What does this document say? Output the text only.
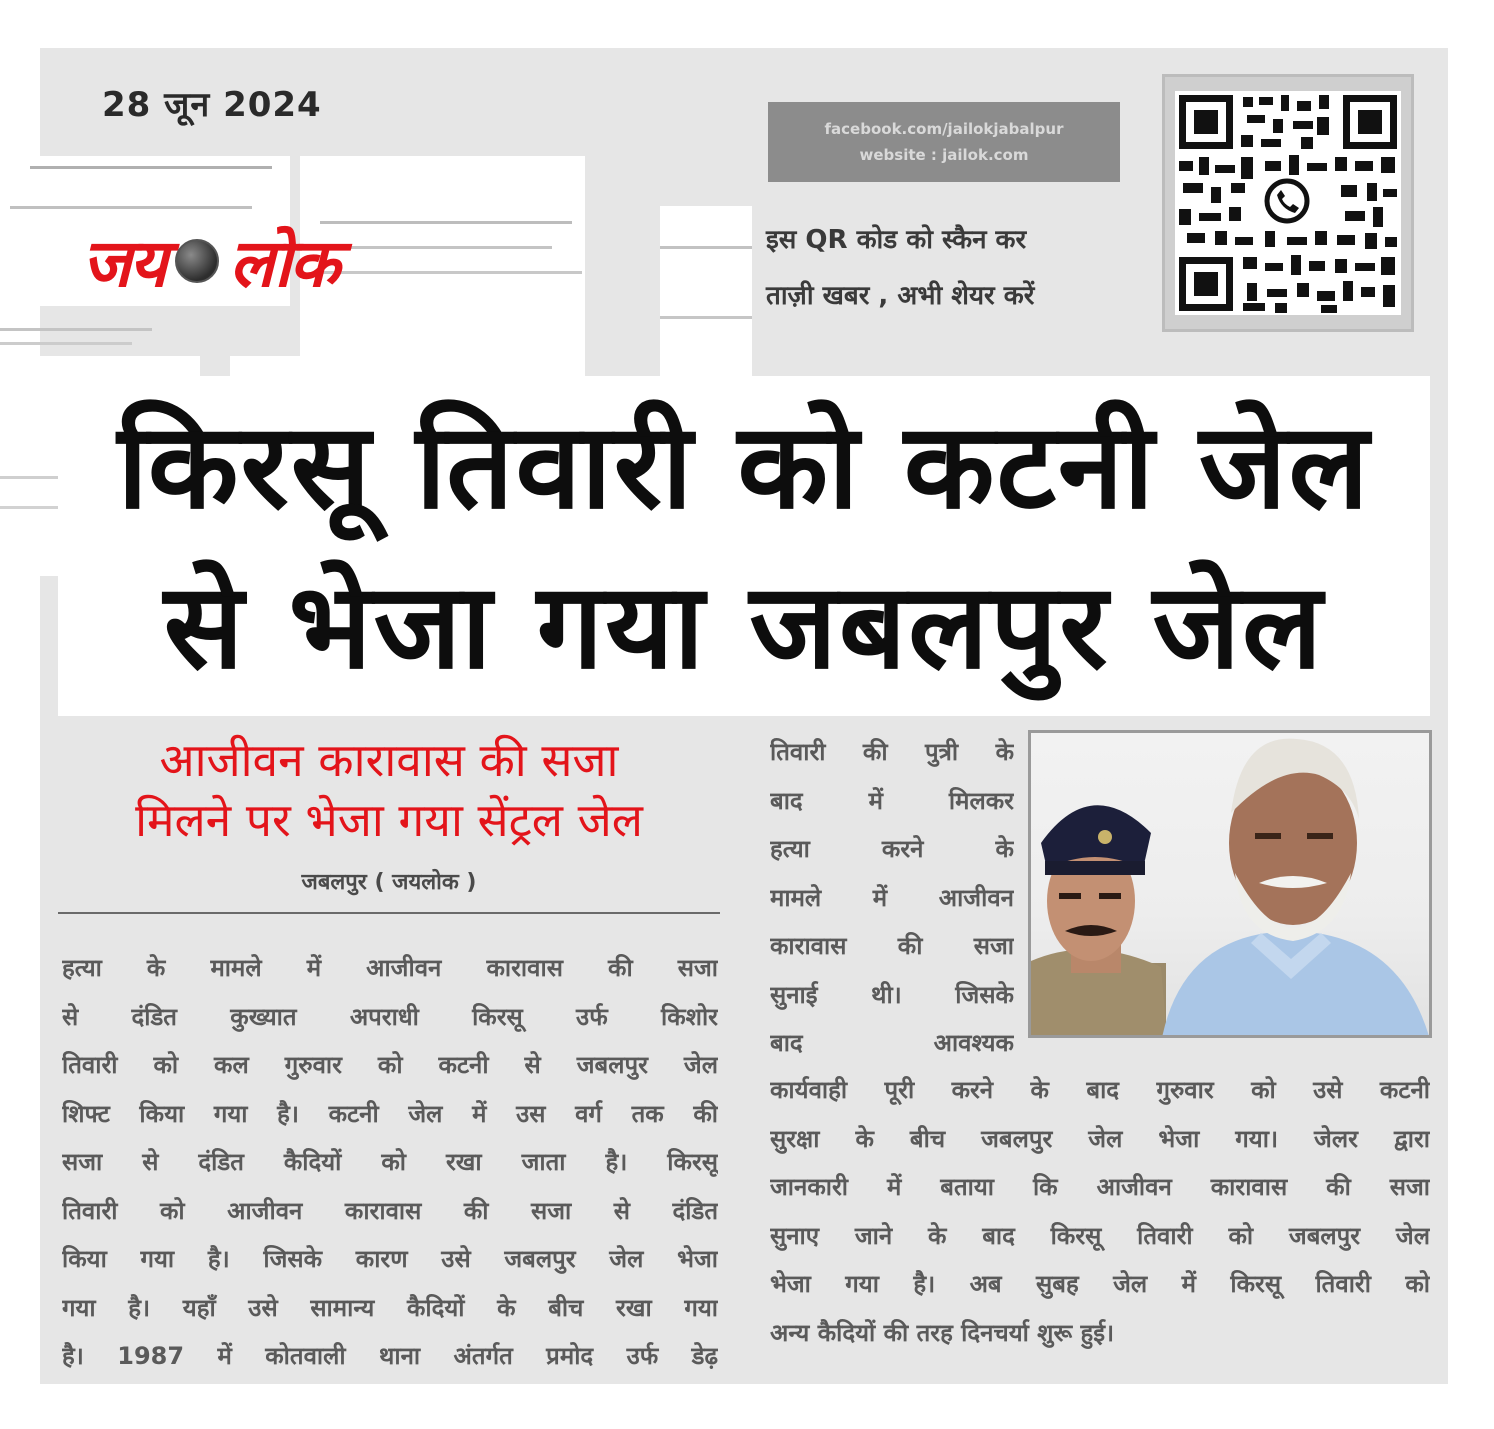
28 जून 2024
जय लोक
facebook.com/jailokjabalpur
website : jailok.com
इस QR कोड को स्कैन कर
ताज़ी खबर , अभी शेयर करें
किरसू तिवारी को कटनी जेल
से भेजा गया जबलपुर जेल
आजीवन कारावास की सजा
मिलने पर भेजा गया सेंट्रल जेल
जबलपुर ( जयलोक )

हत्या के मामले में आजीवन कारावास की सजा

से दंडित कुख्यात अपराधी किरसू उर्फ किशोर

तिवारी को कल गुरुवार को कटनी से जबलपुर जेल

शिफ्ट किया गया है। कटनी जेल में उस वर्ग तक की

सजा से दंडित कैदियों को रखा जाता है। किरसू

तिवारी को आजीवन कारावास की सजा से दंडित

किया गया है। जिसके कारण उसे जबलपुर जेल भेजा

गया है। यहाँ उसे सामान्य कैदियों के बीच रखा गया

है। 1987 में कोतवाली थाना अंतर्गत प्रमोद उर्फ डेढ़

तिवारी की पुत्री के

बाद में मिलकर

हत्या करने के

मामले में आजीवन

कारावास की सजा

सुनाई थी। जिसके

बाद आवश्यक

कार्यवाही पूरी करने के बाद गुरुवार को उसे कटनी

सुरक्षा के बीच जबलपुर जेल भेजा गया। जेलर द्वारा

जानकारी में बताया कि आजीवन कारावास की सजा

सुनाए जाने के बाद किरसू तिवारी को जबलपुर जेल

भेजा गया है। अब सुबह जेल में किरसू तिवारी को

अन्य कैदियों की तरह दिनचर्या शुरू हुई।
